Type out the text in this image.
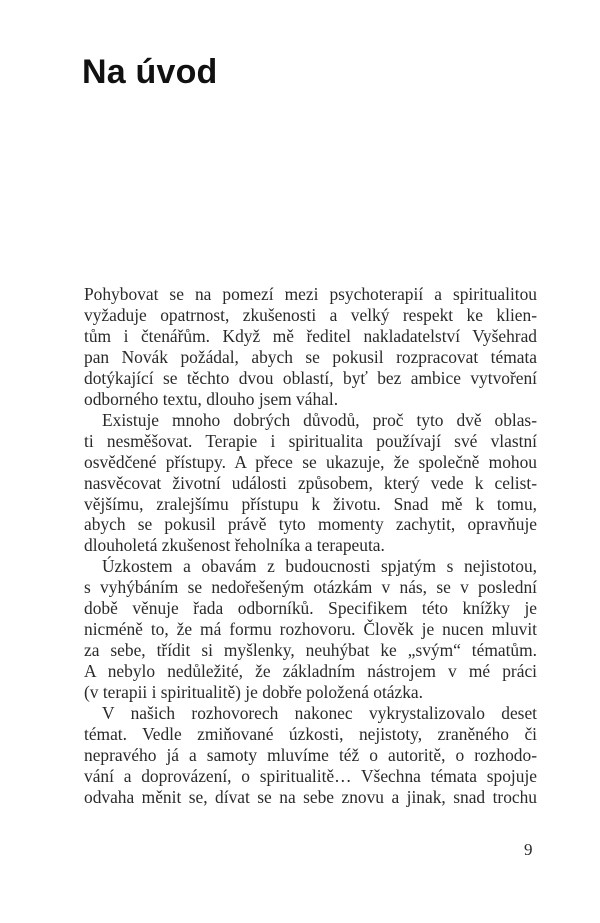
Na úvod
Pohybovat se na pomezí mezi psychoterapií a spiritualitou
vyžaduje opatrnost, zkušenosti a velký respekt ke klien-
tům i čtenářům. Když mě ředitel nakladatelství Vyšehrad
pan Novák požádal, abych se pokusil rozpracovat témata
dotýkající se těchto dvou oblastí, byť bez ambice vytvoření
odborného textu, dlouho jsem váhal.
Existuje mnoho dobrých důvodů, proč tyto dvě oblas-
ti nesměšovat. Terapie i spiritualita používají své vlastní
osvědčené přístupy. A přece se ukazuje, že společně mohou
nasvěcovat životní události způsobem, který vede k celist-
vějšímu, zralejšímu přístupu k životu. Snad mě k tomu,
abych se pokusil právě tyto momenty zachytit, opravňuje
dlouholetá zkušenost řeholníka a terapeuta.
Úzkostem a obavám z budoucnosti spjatým s nejistotou,
s vyhýbáním se nedořešeným otázkám v nás, se v poslední
době věnuje řada odborníků. Specifikem této knížky je
nicméně to, že má formu rozhovoru. Člověk je nucen mluvit
za sebe, třídit si myšlenky, neuhýbat ke „svým“ tématům.
A nebylo nedůležité, že základním nástrojem v mé práci
(v terapii i spiritualitě) je dobře položená otázka.
V našich rozhovorech nakonec vykrystalizovalo deset
témat. Vedle zmiňované úzkosti, nejistoty, zraněného či
nepravého já a samoty mluvíme též o autoritě, o rozhodo-
vání a doprovázení, o spiritualitě… Všechna témata spojuje
odvaha měnit se, dívat se na sebe znovu a jinak, snad trochu
9
